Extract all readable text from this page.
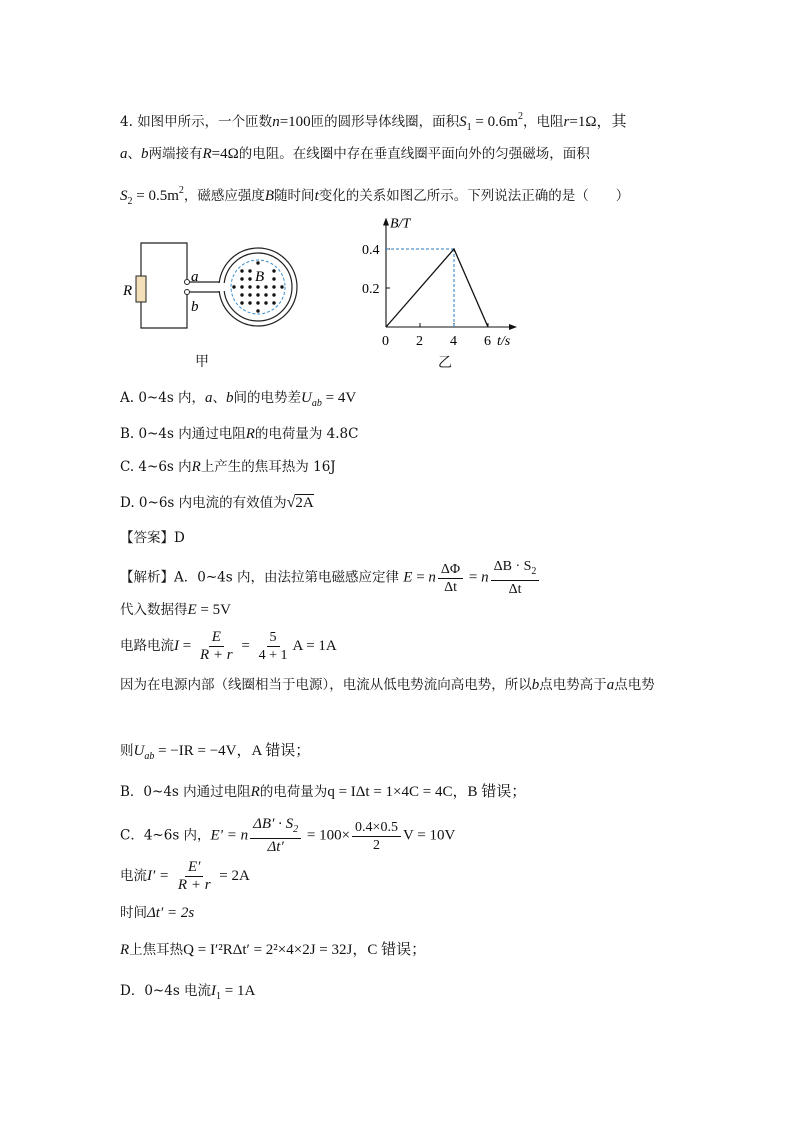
4. 如图甲所示，一个匝数n=100匝的圆形导体线圈，面积$S_1 = 0.6m^2$，电阻r=1Ω，其
a、b两端接有R=4Ω的电阻。在线圈中存在垂直线圈平面向外的匀强磁场，面积
$S_2 = 0.5m^2$，磁感应强度B随时间t变化的关系如图乙所示。下列说法正确的是（　　）
R
a
b
B
甲
0 2 4 6
0.2
0.4
B/T
t/s
乙
A. 0~4s 内，a、b间的电势差$U_{ab} = 4V$
B. 0~4s 内通过电阻R的电荷量为 4.8C
C. 4~6s 内R上产生的焦耳热为 16J
D. 0~6s 内电流的有效值为√2A
【答案】D
【解析】A．0~4s 内，由法拉第电磁感应定律 E = n $\frac{\Delta\Phi}{\Delta t} = n \frac{\Delta B \cdot S_2}{\Delta t}$
代入数据得E = 5V
电路电流$I = \frac{E}{R + r} = \frac{5}{4 + 1}$ A = 1A
因为在电源内部（线圈相当于电源），电流从低电势流向高电势，所以b点电势高于a点电势
则$U_{ab} = -IR = -4V$，A 错误；
B．0~4s 内通过电阻R的电荷量为q = IΔt = 1×4C = 4C，B 错误；
C．4~6s 内，E′ = n $\frac{\Delta B' \cdot S_2}{\Delta t'} = 100\times \frac{0.4\times 0.5}{2}$ V = 10V
电流$I' = \frac{E'}{R + r} = 2A$
时间Δt′ = 2s
R上焦耳热Q = I′²RΔt′ = 2²×4×2J = 32J，C 错误；
D．0~4s 电流$I_1 = 1A$
